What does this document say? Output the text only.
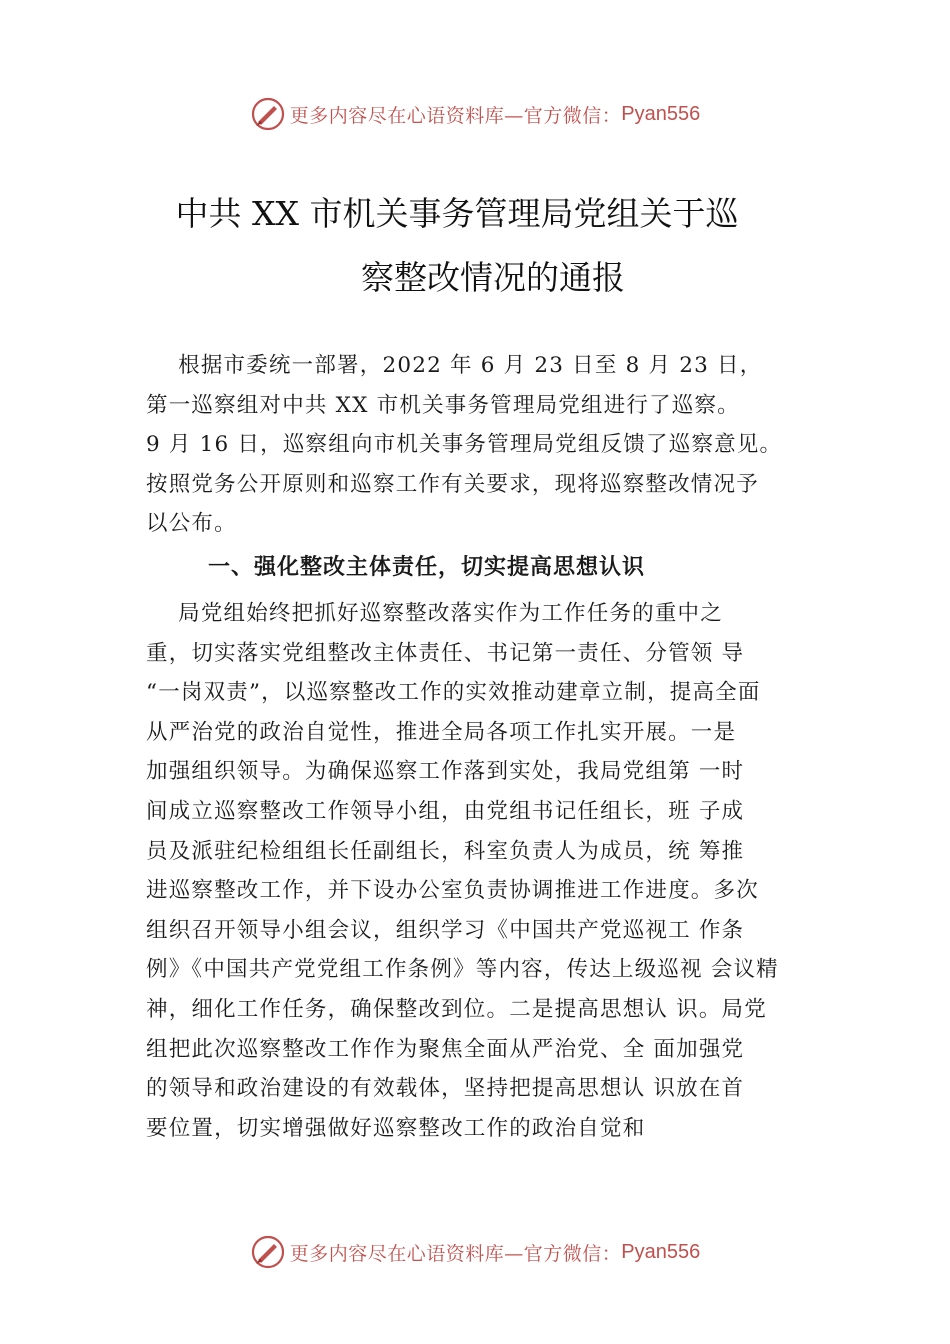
更多内容尽在心语资料库—官方微信： Pyan556
中共 XX 市机关事务管理局党组关于巡
察整改情况的通报
根据市委统一部署，2022 年 6 月 23 日至 8 月 23 日，
第一巡察组对中共 XX 市机关事务管理局党组进行了巡察。
9 月 16 日，巡察组向市机关事务管理局党组反馈了巡察意见。
按照党务公开原则和巡察工作有关要求，现将巡察整改情况予
以公布。
一、强化整改主体责任，切实提高思想认识
局党组始终把抓好巡察整改落实作为工作任务的重中之
重，切实落实党组整改主体责任、书记第一责任、分管领 导
“一岗双责”，以巡察整改工作的实效推动建章立制，提高全面
从严治党的政治自觉性，推进全局各项工作扎实开展。一是
加强组织领导。为确保巡察工作落到实处，我局党组第 一时
间成立巡察整改工作领导小组，由党组书记任组长，班 子成
员及派驻纪检组组长任副组长，科室负责人为成员，统 筹推
进巡察整改工作，并下设办公室负责协调推进工作进度。多次
组织召开领导小组会议，组织学习《中国共产党巡视工 作条
例》《中国共产党党组工作条例》等内容，传达上级巡视 会议精
神，细化工作任务，确保整改到位。二是提高思想认 识。局党
组把此次巡察整改工作作为聚焦全面从严治党、全 面加强党
的领导和政治建设的有效载体，坚持把提高思想认 识放在首
要位置，切实增强做好巡察整改工作的政治自觉和
更多内容尽在心语资料库—官方微信： Pyan556
